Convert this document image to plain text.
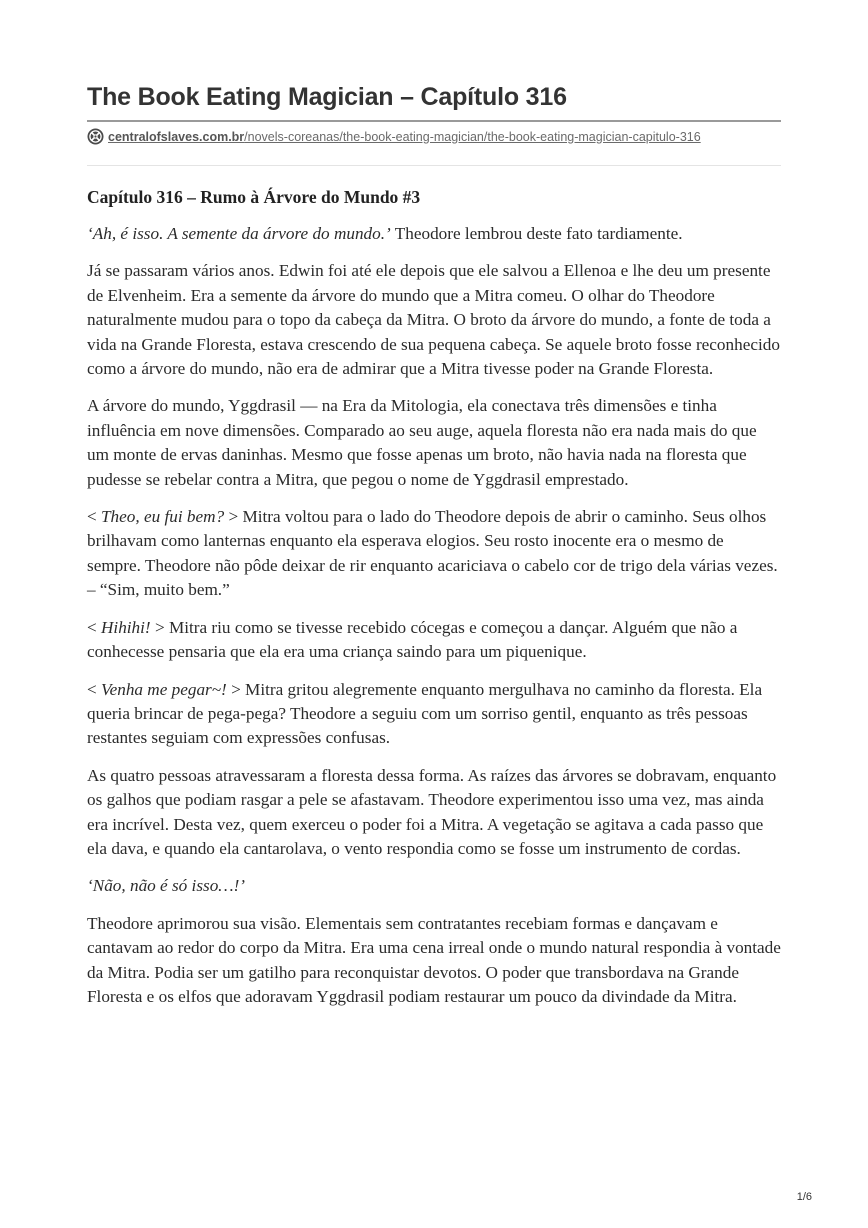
The Book Eating Magician – Capítulo 316
centralofslaves.com.br/novels-coreanas/the-book-eating-magician/the-book-eating-magician-capitulo-316
Capítulo 316 – Rumo à Árvore do Mundo #3

‘Ah, é isso. A semente da árvore do mundo.’ Theodore lembrou deste fato tardiamente.

Já se passaram vários anos. Edwin foi até ele depois que ele salvou a Ellenoa e lhe deu um presente de Elvenheim. Era a semente da árvore do mundo que a Mitra comeu. O olhar do Theodore naturalmente mudou para o topo da cabeça da Mitra. O broto da árvore do mundo, a fonte de toda a vida na Grande Floresta, estava crescendo de sua pequena cabeça. Se aquele broto fosse reconhecido como a árvore do mundo, não era de admirar que a Mitra tivesse poder na Grande Floresta.

A árvore do mundo, Yggdrasil — na Era da Mitologia, ela conectava três dimensões e tinha influência em nove dimensões. Comparado ao seu auge, aquela floresta não era nada mais do que um monte de ervas daninhas. Mesmo que fosse apenas um broto, não havia nada na floresta que pudesse se rebelar contra a Mitra, que pegou o nome de Yggdrasil emprestado.

< Theo, eu fui bem? > Mitra voltou para o lado do Theodore depois de abrir o caminho. Seus olhos brilhavam como lanternas enquanto ela esperava elogios. Seu rosto inocente era o mesmo de sempre. Theodore não pôde deixar de rir enquanto acariciava o cabelo cor de trigo dela várias vezes. – “Sim, muito bem.”

< Hihihi! > Mitra riu como se tivesse recebido cócegas e começou a dançar. Alguém que não a conhecesse pensaria que ela era uma criança saindo para um piquenique.

< Venha me pegar~! > Mitra gritou alegremente enquanto mergulhava no caminho da floresta. Ela queria brincar de pega-pega? Theodore a seguiu com um sorriso gentil, enquanto as três pessoas restantes seguiam com expressões confusas.

As quatro pessoas atravessaram a floresta dessa forma. As raízes das árvores se dobravam, enquanto os galhos que podiam rasgar a pele se afastavam. Theodore experimentou isso uma vez, mas ainda era incrível. Desta vez, quem exerceu o poder foi a Mitra. A vegetação se agitava a cada passo que ela dava, e quando ela cantarolava, o vento respondia como se fosse um instrumento de cordas.

‘Não, não é só isso…!’

Theodore aprimorou sua visão. Elementais sem contratantes recebiam formas e dançavam e cantavam ao redor do corpo da Mitra. Era uma cena irreal onde o mundo natural respondia à vontade da Mitra. Podia ser um gatilho para reconquistar devotos. O poder que transbordava na Grande Floresta e os elfos que adoravam Yggdrasil podiam restaurar um pouco da divindade da Mitra.

1/6
